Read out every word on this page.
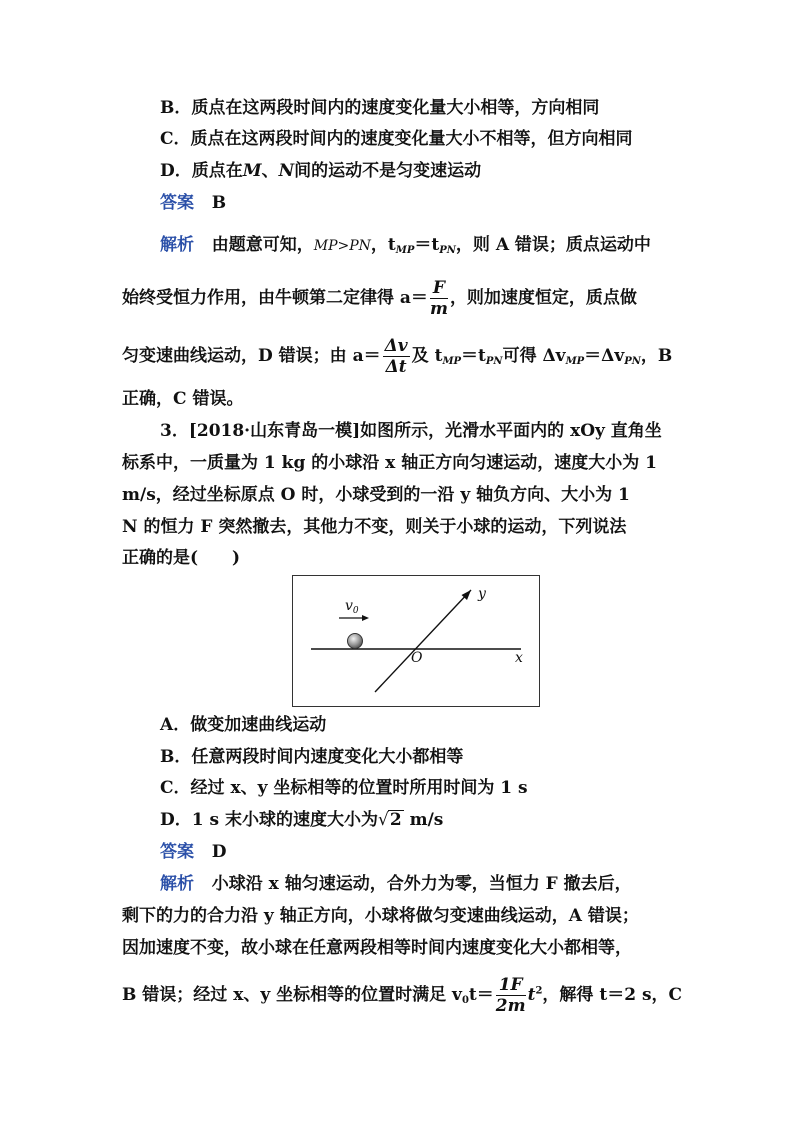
B．质点在这两段时间内的速度变化量大小相等，方向相同
C．质点在这两段时间内的速度变化量大小不相等，但方向相同
D．质点在M、N间的运动不是匀变速运动
答案 B
解析 由题意可知，MP>PN，$t_{MP}=t_{PN}$，则 A 错误；质点运动中
始终受恒力作用，由牛顿第二定律得 $a= \frac{F}{m}$ ，则加速度恒定，质点做
匀变速曲线运动，D 错误；由 $a= \frac{\Delta v}{\Delta t}$ 及 $t_{MP}=t_{PN}$可得 $\Delta v_{MP}=\Delta v_{PN}$，B
正确，C 错误。
3．[2018·山东青岛一模]如图所示，光滑水平面内的 xOy 直角坐
标系中，一质量为 1 kg 的小球沿 x 轴正方向匀速运动，速度大小为 1
m/s，经过坐标原点 O 时，小球受到的一沿 y 轴负方向、大小为 1
N 的恒力 F 突然撤去，其他力不变，则关于小球的运动，下列说法
正确的是(　　)
$v_0$
y
O	x
A．做变加速曲线运动
B．任意两段时间内速度变化大小都相等
C．经过 x、y 坐标相等的位置时所用时间为 1 s
D．1 s 末小球的速度大小为√2 m/s
答案 D
解析 小球沿 x 轴匀速运动，合外力为零，当恒力 F 撤去后，
剩下的力的合力沿 y 轴正方向，小球将做匀变速曲线运动，A 错误；
因加速度不变，故小球在任意两段相等时间内速度变化大小都相等，
B 错误；经过 x、y 坐标相等的位置时满足 $v_0t= \frac{1F}{2m} t^2$，解得 t＝2 s，C
